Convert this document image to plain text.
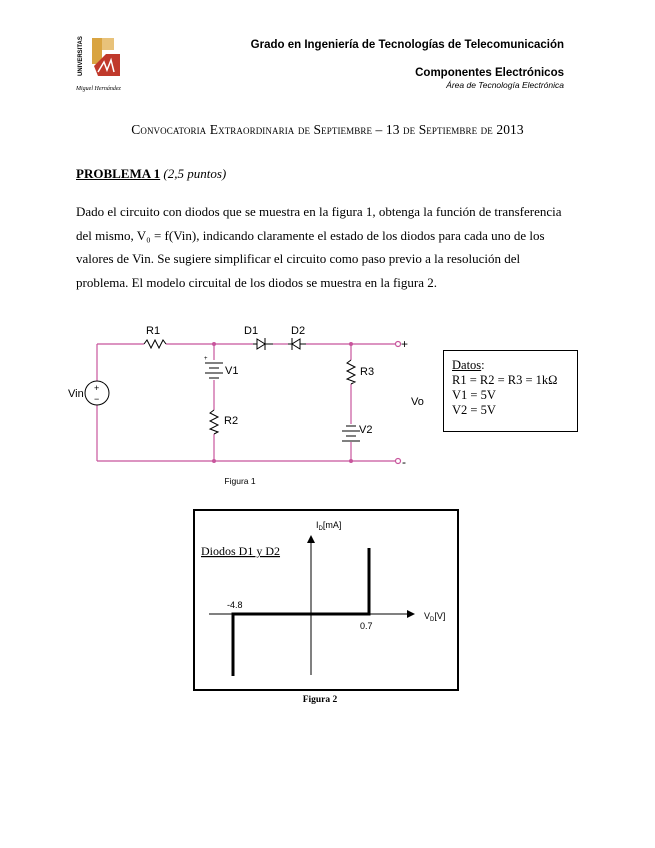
UNIVERSITAS
Miguel Hernández
Grado en Ingeniería de Tecnologías de Telecomunicación
Componentes Electrónicos
Área de Tecnología Electrónica
Convocatoria Extraordinaria de Septiembre – 13 de Septiembre de 2013
PROBLEMA 1 (2,5 puntos)
Dado el circuito con diodos que se muestra en la figura 1, obtenga la función de transferencia
del mismo, V₀ = f(Vin), indicando claramente el estado de los diodos para cada uno de los
valores de Vin. Se sugiere simplificar el circuito como paso previo a la resolución del
problema. El modelo circuital de los diodos se muestra en la figura 2.
R1	D1	D2
+
V1
R2
R3
V2
+
−
Vin
+
-
Vo
Datos:
R1 = R2 = R3 = 1kΩ
V1 = 5V
V2 = 5V
Figura 1
Diodos D1 y D2
$I_D[mA]$
$V_D[V]$
-4.8
0.7
Figura 2
